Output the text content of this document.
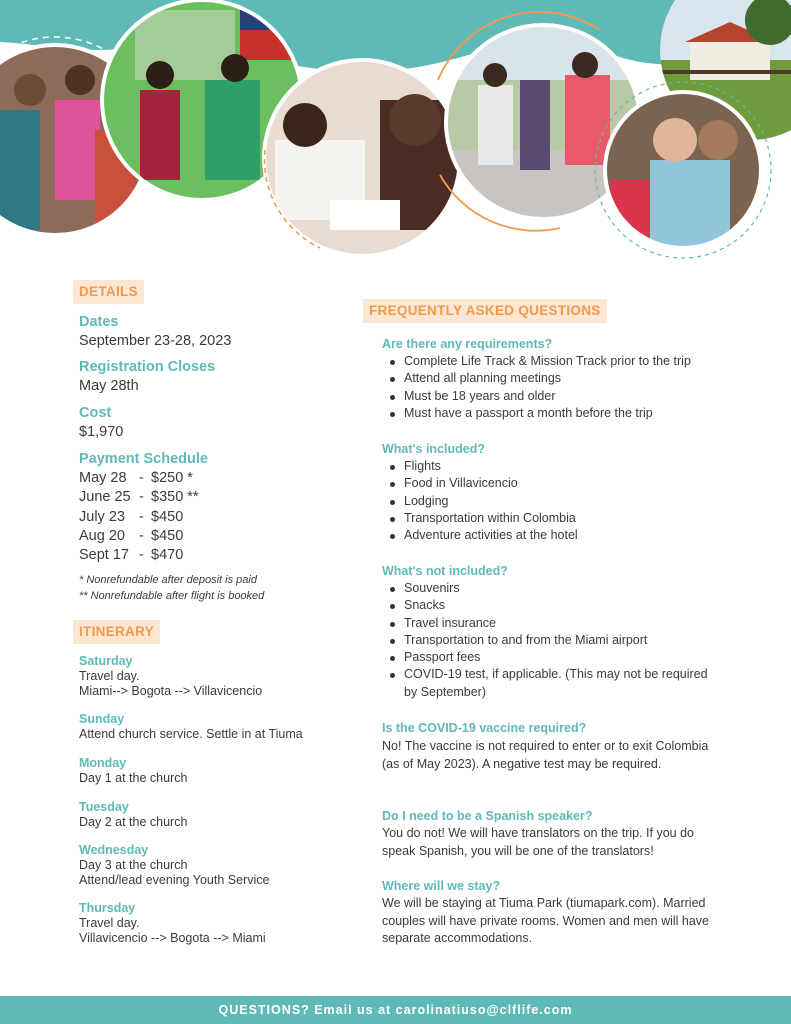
DETAILS
Dates
September 23-28, 2023
Registration Closes
May 28th
Cost
$1,970
Payment Schedule
May 28 - $250 *
June 25 - $350 **
July 23 - $450
Aug 20 - $450
Sept 17 - $470
* Nonrefundable after deposit is paid
** Nonrefundable after flight is booked
ITINERARY
Saturday
Travel day.
Miami--> Bogota --> Villavicencio
Sunday
Attend church service. Settle in at Tiuma
Monday
Day 1 at the church
Tuesday
Day 2 at the church
Wednesday
Day 3 at the church
Attend/lead evening Youth Service
Thursday
Travel day.
Villavicencio --> Bogota --> Miami
FREQUENTLY ASKED QUESTIONS
Are there any requirements?
Complete Life Track & Mission Track prior to the trip
Attend all planning meetings
Must be 18 years and older
Must have a passport a month before the trip
What's included?
Flights
Food in Villavicencio
Lodging
Transportation within Colombia
Adventure activities at the hotel
What's not included?
Souvenirs
Snacks
Travel insurance
Transportation to and from the Miami airport
Passport fees
COVID-19 test, if applicable. (This may not be required by September)
Is the COVID-19 vaccine required?
No! The vaccine is not required to enter or to exit Colombia (as of May 2023). A negative test may be required.
Do I need to be a Spanish speaker?
You do not! We will have translators on the trip. If you do speak Spanish, you will be one of the translators!
Where will we stay?
We will be staying at Tiuma Park (tiumapark.com). Married couples will have private rooms. Women and men will have separate accommodations.
QUESTIONS? Email us at carolinatiuso@clflife.com
